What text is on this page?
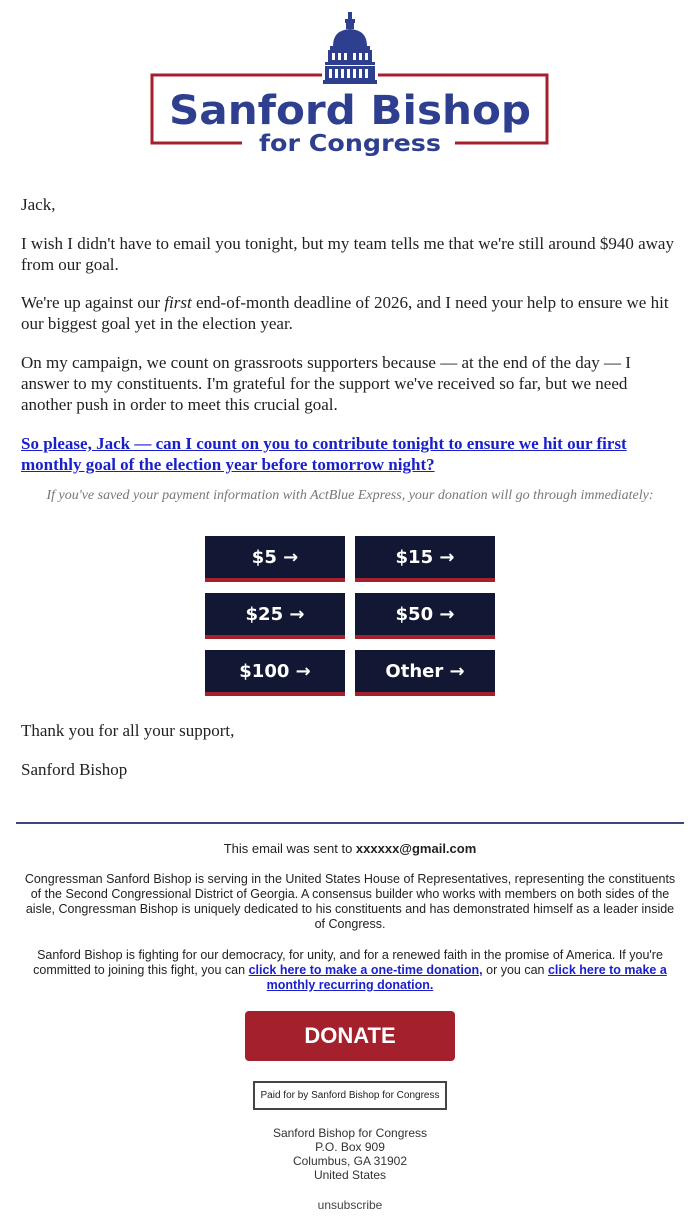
Sanford Bishop
for Congress

Jack,

I wish I didn't have to email you tonight, but my team tells me that we're still around $940 away from our goal.

We're up against our first end-of-month deadline of 2026, and I need your help to ensure we hit our biggest goal yet in the election year.

On my campaign, we count on grassroots supporters because — at the end of the day — I answer to my constituents. I'm grateful for the support we've received so far, but we need another push in order to meet this crucial goal.

So please, Jack — can I count on you to contribute tonight to ensure we hit our first monthly goal of the election year before tomorrow night?

If you've saved your payment information with ActBlue Express, your donation will go through immediately:
$5 →	$15 →
$25 →	$50 →
$100 →	Other →

Thank you for all your support,

Sanford Bishop

This email was sent to xxxxxx@gmail.com

Congressman Sanford Bishop is serving in the United States House of Representatives, representing the constituents of the Second Congressional District of Georgia. A consensus builder who works with members on both sides of the aisle, Congressman Bishop is uniquely dedicated to his constituents and has demonstrated himself as a leader inside of Congress.

Sanford Bishop is fighting for our democracy, for unity, and for a renewed faith in the promise of America. If you're committed to joining this fight, you can click here to make a one-time donation, or you can click here to make a monthly recurring donation.

DONATE
Paid for by Sanford Bishop for Congress
Sanford Bishop for Congress
P.O. Box 909
Columbus, GA 31902
United States
unsubscribe
